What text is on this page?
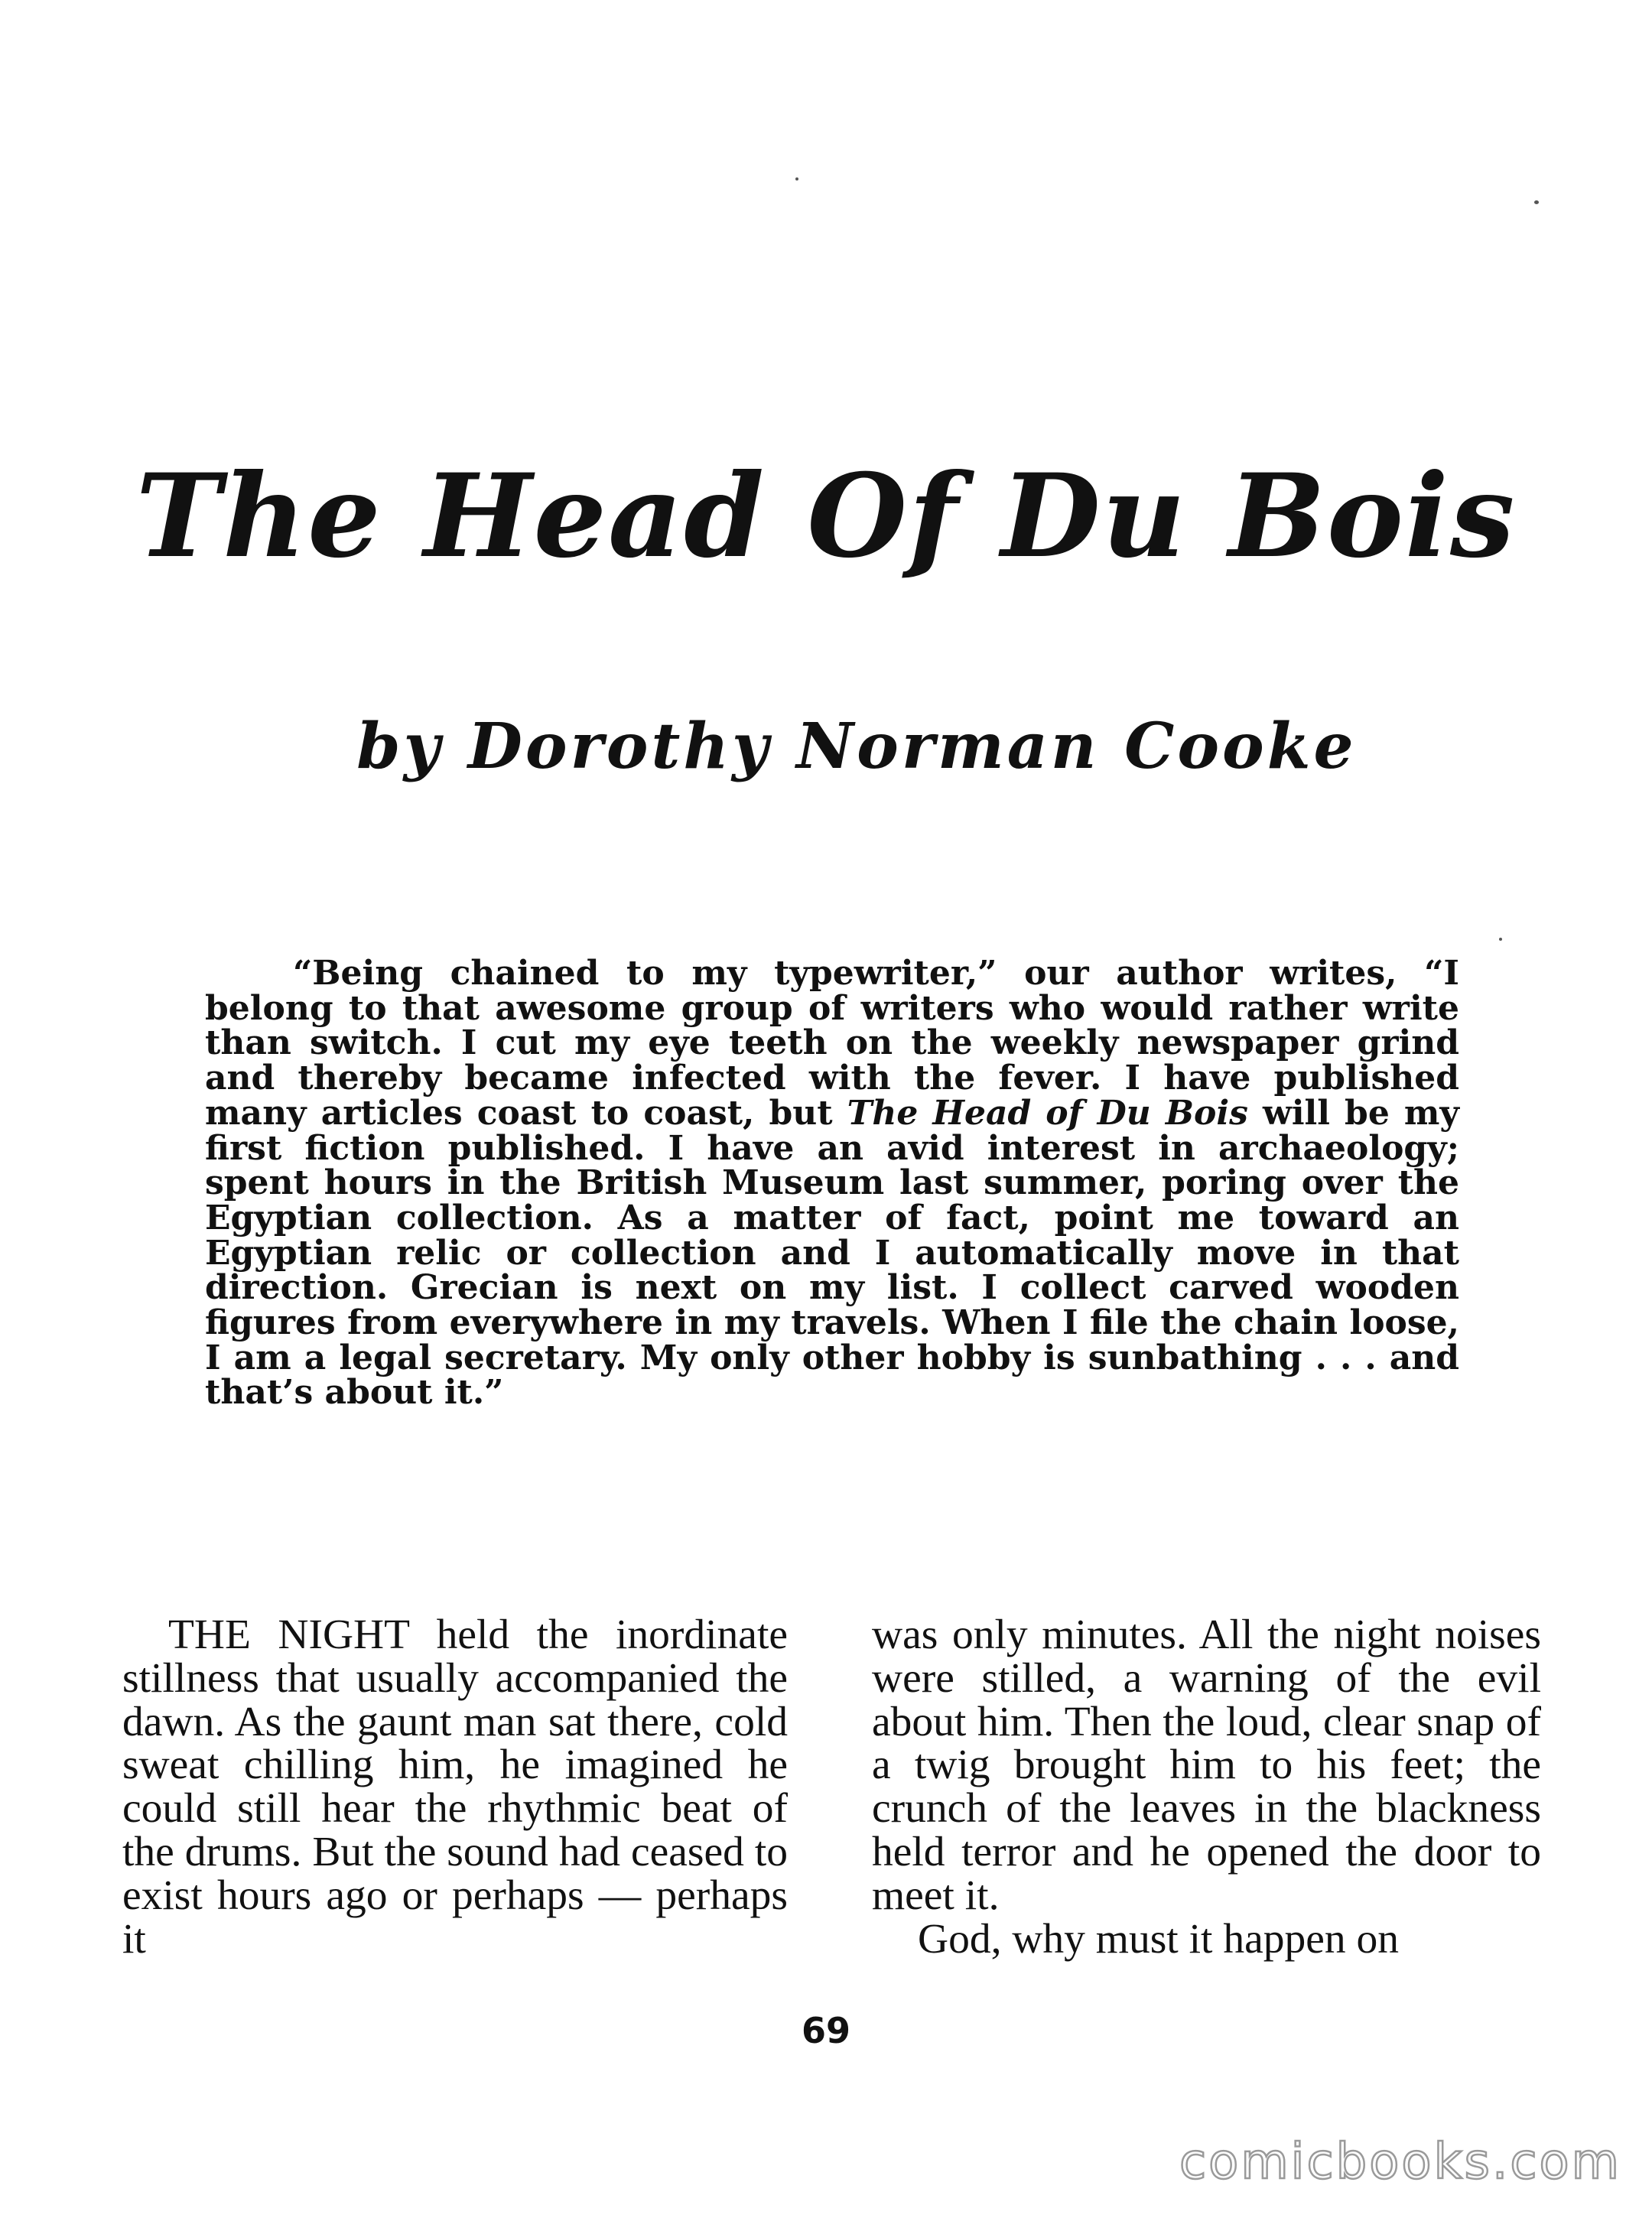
The Head Of Du Bois
by Dorothy Norman Cooke

“Being chained to my typewriter,” our author writes, “I belong to that awesome group of writers who would rather write than switch. I cut my eye teeth on the weekly newspaper grind and thereby became infected with the fever. I have published many articles coast to coast, but The Head of Du Bois will be my first fiction published. I have an avid interest in archaeology; spent hours in the British Museum last summer, poring over the Egyptian collection. As a matter of fact, point me toward an Egyptian relic or collection and I automatically move in that direction. Grecian is next on my list. I collect carved wooden figures from everywhere in my travels. When I file the chain loose, I am a legal secretary. My only other hobby is sunbathing . . . and that’s about it.”

THE NIGHT held the inordinate stillness that usually accompanied the dawn. As the gaunt man sat there, cold sweat chilling him, he imagined he could still hear the rhythmic beat of the drums. But the sound had ceased to exist hours ago or perhaps — perhaps it

was only minutes. All the night noises were stilled, a warning of the evil about him. Then the loud, clear snap of a twig brought him to his feet; the crunch of the leaves in the blackness held terror and he opened the door to meet it.
God, why must it happen on
69
comicbooks.com
